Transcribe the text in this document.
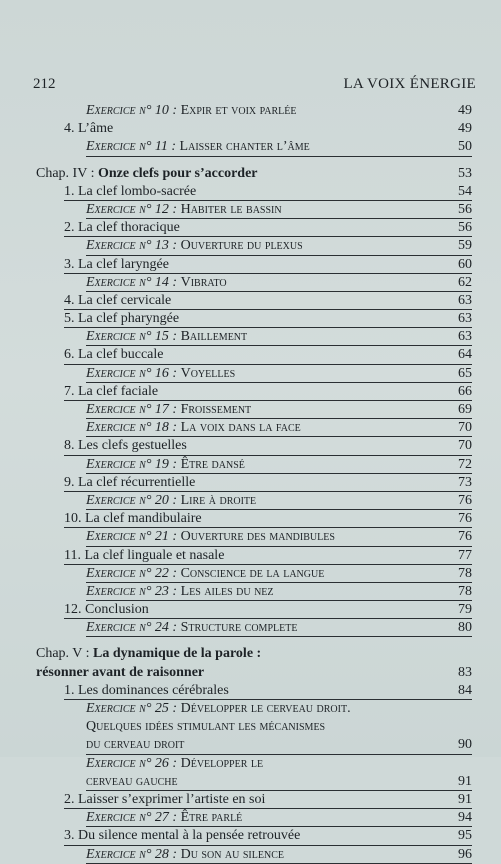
212	LA VOIX ÉNERGIE
Exercice n° 10 : Expir et voix parlée	49
4. L’âme	49
Exercice n° 11 : Laisser chanter l’âme	50
Chap. IV : Onze clefs pour s’accorder	53
1. La clef lombo-sacrée	54
Exercice n° 12 : Habiter le bassin	56
2. La clef thoracique	56
Exercice n° 13 : Ouverture du plexus	59
3. La clef laryngée	60
Exercice n° 14 : Vibrato	62
4. La clef cervicale	63
5. La clef pharyngée	63
Exercice n° 15 : Baillement	63
6. La clef buccale	64
Exercice n° 16 : Voyelles	65
7. La clef faciale	66
Exercice n° 17 : Froissement	69
Exercice n° 18 : La voix dans la face	70
8. Les clefs gestuelles	70
Exercice n° 19 : Être dansé	72
9. La clef récurrentielle	73
Exercice n° 20 : Lire à droite	76
10. La clef mandibulaire	76
Exercice n° 21 : Ouverture des mandibules	76
11. La clef linguale et nasale	77
Exercice n° 22 : Conscience de la langue	78
Exercice n° 23 : Les ailes du nez	78
12. Conclusion	79
Exercice n° 24 : Structure complete	80
Chap. V : La dynamique de la parole :
résonner avant de raisonner	83
1. Les dominances cérébrales	84
Exercice n° 25 : Développer le cerveau droit.
Quelques idées stimulant les mécanismes
du cerveau droit	90
Exercice n° 26 : Développer le
cerveau gauche	91
2. Laisser s’exprimer l’artiste en soi	91
Exercice n° 27 : Être parlé	94
3. Du silence mental à la pensée retrouvée	95
Exercice n° 28 : Du son au silence	96
